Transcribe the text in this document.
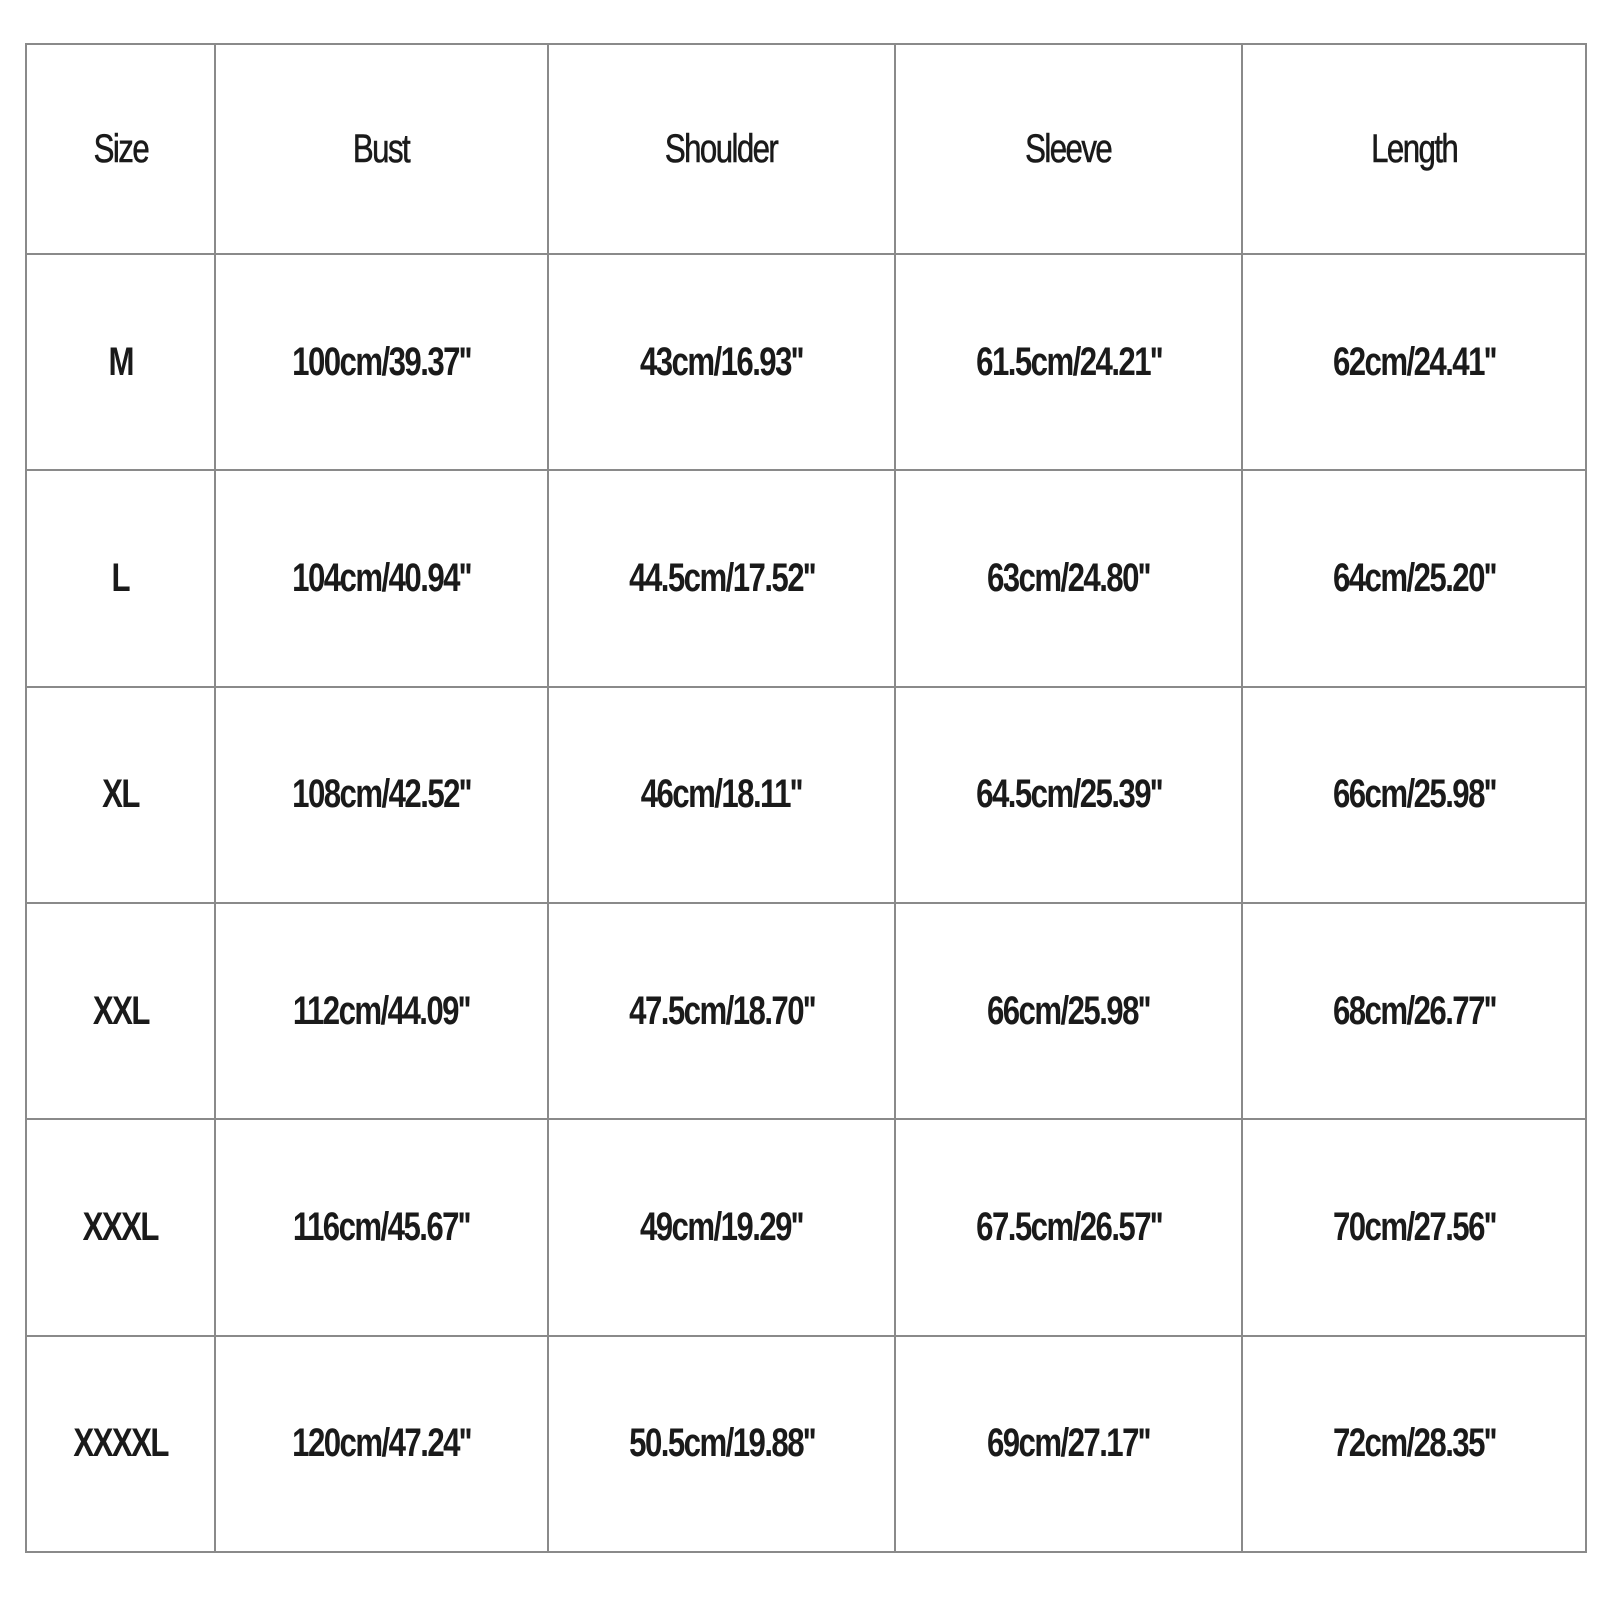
Size	Bust	Shoulder	Sleeve	Length
M	100cm/39.37''	43cm/16.93''	61.5cm/24.21''	62cm/24.41''
L	104cm/40.94''	44.5cm/17.52''	63cm/24.80''	64cm/25.20''
XL	108cm/42.52''	46cm/18.11''	64.5cm/25.39''	66cm/25.98''
XXL	112cm/44.09''	47.5cm/18.70''	66cm/25.98''	68cm/26.77''
XXXL	116cm/45.67''	49cm/19.29''	67.5cm/26.57''	70cm/27.56''
XXXXL	120cm/47.24''	50.5cm/19.88''	69cm/27.17''	72cm/28.35''
